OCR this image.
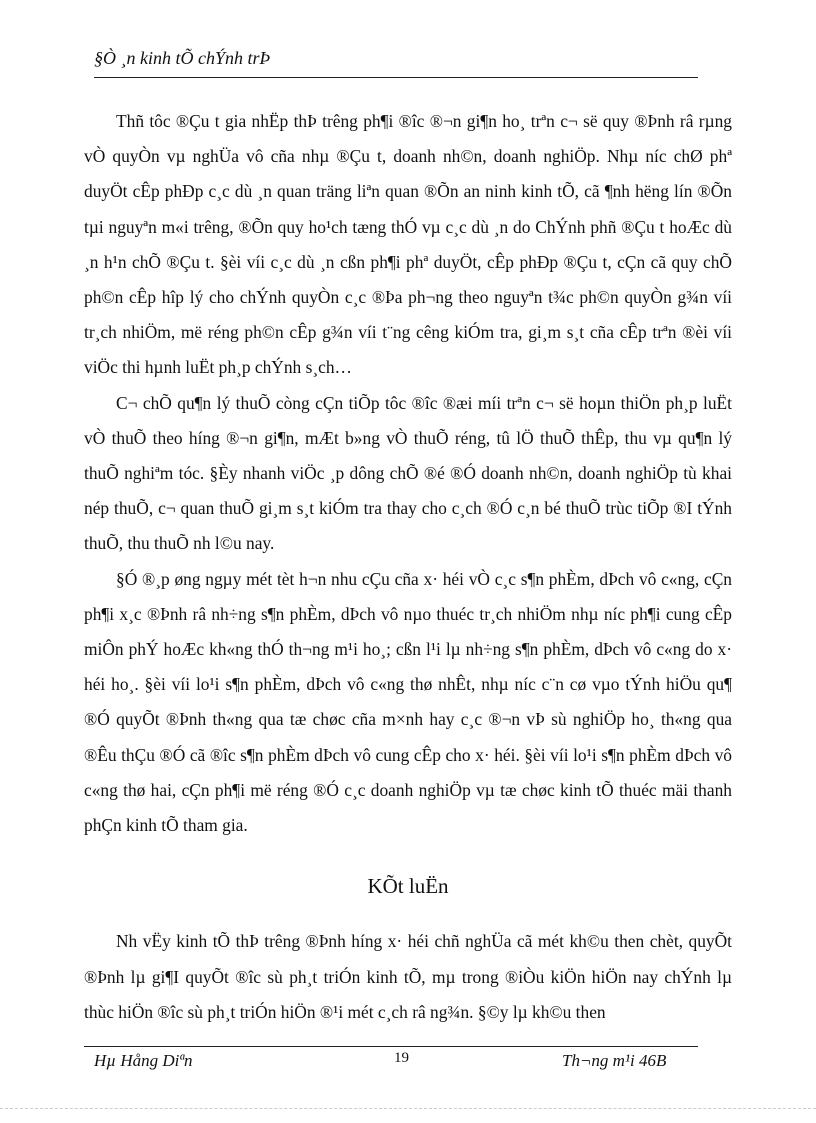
§Ò ¸n kinh tÕ chÝnh trÞ

Thñ tôc ®Çu t gia nhËp thÞ trêng ph¶i ®îc ®¬n gi¶n ho¸ trªn c¬ së quy ®Þnh râ rµng vÒ quyÒn vµ nghÜa vô cña nhµ ®Çu t, doanh nh©n, doanh nghiÖp. Nhµ níc chØ phª duyÖt cÊp phÐp c¸c dù ¸n quan träng liªn quan ®Õn an ninh kinh tÕ, cã ¶nh hëng lín ®Õn tµi nguyªn m«i trêng, ®Õn quy ho¹ch tæng thÓ vµ c¸c dù ¸n do ChÝnh phñ ®Çu t hoÆc dù ¸n h¹n chÕ ®Çu t. §èi víi c¸c dù ¸n cßn ph¶i phª duyÖt, cÊp phÐp ®Çu t, cÇn cã quy chÕ ph©n cÊp hîp lý cho chÝnh quyÒn c¸c ®Þa ph¬ng theo nguyªn t¾c ph©n quyÒn g¾n víi tr¸ch nhiÖm, më réng ph©n cÊp g¾n víi t¨ng cêng kiÓm tra, gi¸m s¸t cña cÊp trªn ®èi víi viÖc thi hµnh luËt ph¸p chÝnh s¸ch…

C¬ chÕ qu¶n lý thuÕ còng cÇn tiÕp tôc ®îc ®æi míi trªn c¬ së hoµn thiÖn ph¸p luËt vÒ thuÕ theo híng ®¬n gi¶n, mÆt b»ng vÒ thuÕ réng, tû lÖ thuÕ thÊp, thu vµ qu¶n lý thuÕ nghiªm tóc. §Èy nhanh viÖc ¸p dông chÕ ®é ®Ó doanh nh©n, doanh nghiÖp tù khai nép thuÕ, c¬ quan thuÕ gi¸m s¸t kiÓm tra thay cho c¸ch ®Ó c¸n bé thuÕ trùc tiÕp ®I tÝnh thuÕ, thu thuÕ nh l©u nay.

§Ó ®¸p øng ngµy mét tèt h¬n nhu cÇu cña x· héi vÒ c¸c s¶n phÈm, dÞch vô c«ng, cÇn ph¶i x¸c ®Þnh râ nh÷ng s¶n phÈm, dÞch vô nµo thuéc tr¸ch nhiÖm nhµ níc ph¶i cung cÊp miÔn phÝ hoÆc kh«ng thÓ th¬ng m¹i ho¸; cßn l¹i lµ nh÷ng s¶n phÈm, dÞch vô c«ng do x· héi ho¸. §èi víi lo¹i s¶n phÈm, dÞch vô c«ng thø nhÊt, nhµ níc c¨n cø vµo tÝnh hiÖu qu¶ ®Ó quyÕt ®Þnh th«ng qua tæ chøc cña m×nh hay c¸c ®¬n vÞ sù nghiÖp ho¸ th«ng qua ®Êu thÇu ®Ó cã ®îc s¶n phÈm dÞch vô cung cÊp cho x· héi. §èi víi lo¹i s¶n phÈm dÞch vô c«ng thø hai, cÇn ph¶i më réng ®Ó c¸c doanh nghiÖp vµ tæ chøc kinh tÕ thuéc mäi thanh phÇn kinh tÕ tham gia.

KÕt luËn

Nh vËy kinh tÕ thÞ trêng ®Þnh híng x· héi chñ nghÜa cã mét kh©u then chèt, quyÕt ®Þnh lµ gi¶I quyÕt ®îc sù ph¸t triÓn kinh tÕ, mµ trong ®iÒu kiÖn hiÖn nay chÝnh lµ thùc hiÖn ®îc sù ph¸t triÓn hiÖn ®¹i mét c¸ch râ ng¾n. §©y lµ kh©u then

Hµ Hång Diªn	19	Th¬ng m¹i 46B
